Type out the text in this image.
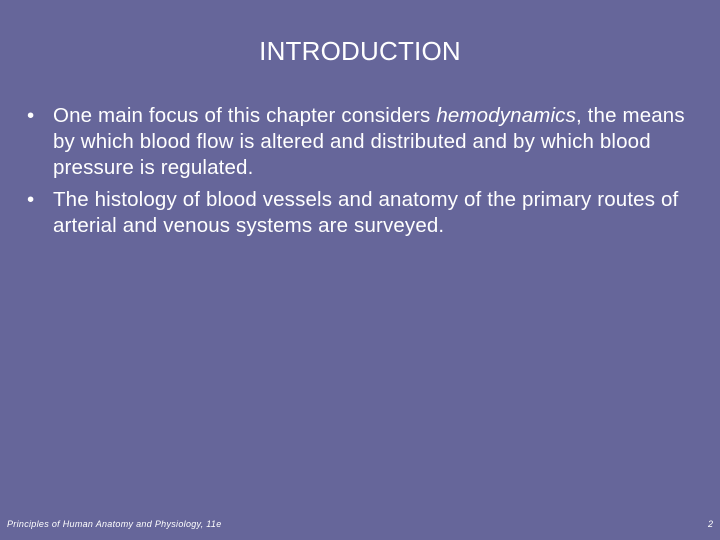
INTRODUCTION
• One main focus of this chapter considers hemodynamics, the means by which blood flow is altered and distributed and by which blood pressure is regulated.
• The histology of blood vessels and anatomy of the primary routes of arterial and venous systems are surveyed.
Principles of Human Anatomy and Physiology, 11e	2
